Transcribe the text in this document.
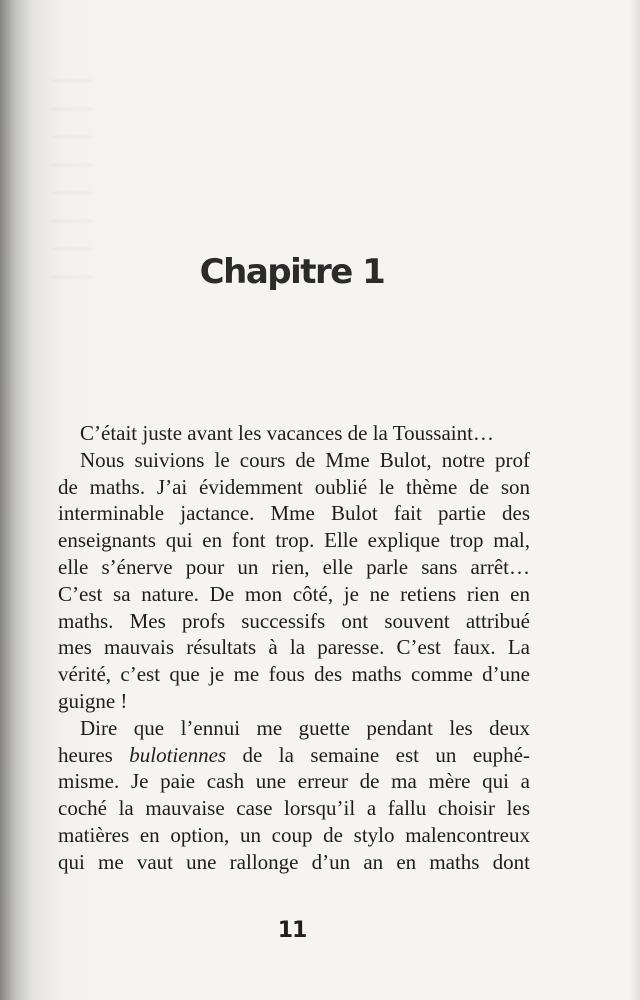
Chapitre 1
C’était juste avant les vacances de la Toussaint…
Nous suivions le cours de Mme Bulot, notre prof
de maths. J’ai évidemment oublié le thème de son
interminable jactance. Mme Bulot fait partie des
enseignants qui en font trop. Elle explique trop mal,
elle s’énerve pour un rien, elle parle sans arrêt…
C’est sa nature. De mon côté, je ne retiens rien en
maths. Mes profs successifs ont souvent attribué
mes mauvais résultats à la paresse. C’est faux. La
vérité, c’est que je me fous des maths comme d’une
guigne !
Dire que l’ennui me guette pendant les deux
heures bulotiennes de la semaine est un euphé-
misme. Je paie cash une erreur de ma mère qui a
coché la mauvaise case lorsqu’il a fallu choisir les
matières en option, un coup de stylo malencontreux
qui me vaut une rallonge d’un an en maths dont
11
